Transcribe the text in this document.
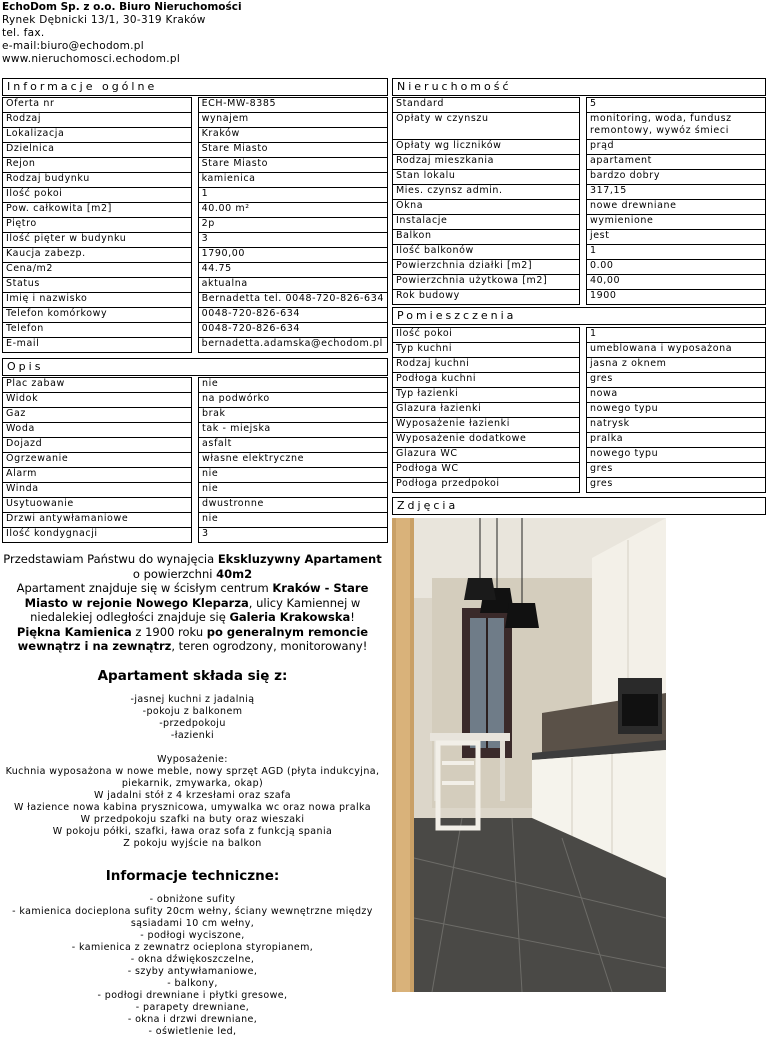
EchoDom Sp. z o.o. Biuro Nieruchomości
Rynek Dębnicki 13/1, 30-319 Kraków
tel. fax.
e-mail:biuro@echodom.pl
www.nieruchomosci.echodom.pl
Informacje ogólne	Nieruchomość
Pomieszczenia
Opis
Zdjęcia
Oferta nr		ECH-MW-8385
Rodzaj		wynajem
Lokalizacja		Kraków
Dzielnica		Stare Miasto
Rejon		Stare Miasto
Rodzaj budynku		kamienica
Ilość pokoi		1
Pow. całkowita [m2]		40.00 m²
Piętro		2p
Ilość pięter w budynku		3
Kaucja zabezp.		1790,00
Cena/m2		44.75
Status		aktualna
Imię i nazwisko		Bernadetta tel. 0048-720-826-634
Telefon komórkowy		0048-720-826-634
Telefon		0048-720-826-634
E-mail		bernadetta.adamska@echodom.pl
Standard		5
Opłaty w czynszu		monitoring, woda, fundusz remontowy, wywóz śmieci
Opłaty wg liczników		prąd
Rodzaj mieszkania		apartament
Stan lokalu		bardzo dobry
Mies. czynsz admin.		317,15
Okna		nowe drewniane
Instalacje		wymienione
Balkon		jest
Ilość balkonów		1
Powierzchnia działki [m2]		0.00
Powierzchnia użytkowa [m2]		40,00
Rok budowy		1900
Ilość pokoi		1
Typ kuchni		umeblowana i wyposażona
Rodzaj kuchni		jasna z oknem
Podłoga kuchni		gres
Typ łazienki		nowa
Glazura łazienki		nowego typu
Wyposażenie łazienki		natrysk
Wyposażenie dodatkowe		pralka
Glazura WC		nowego typu
Podłoga WC		gres
Podłoga przedpokoi		gres
Plac zabaw		nie
Widok		na podwórko
Gaz		brak
Woda		tak - miejska
Dojazd		asfalt
Ogrzewanie		własne elektryczne
Alarm		nie
Winda		nie
Usytuowanie		dwustronne
Drzwi antywłamaniowe		nie
Ilość kondygnacji		3
Przedstawiam Państwu do wynajęcia Ekskluzywny Apartament o powierzchni 40m2
Apartament znajduje się w ścisłym centrum Kraków - Stare Miasto w rejonie Nowego Kleparza, ulicy Kamiennej w niedalekiej odległości znajduje się Galeria Krakowska!
Piękna Kamienica z 1900 roku po generalnym remoncie wewnątrz i na zewnątrz, teren ogrodzony, monitorowany!
Apartament składa się z:
-jasnej kuchni z jadalnią
-pokoju z balkonem
-przedpokoju
-łazienki
Wyposażenie:
Kuchnia wyposażona w nowe meble, nowy sprzęt AGD (płyta indukcyjna, piekarnik, zmywarka, okap)
W jadalni stół z 4 krzesłami oraz szafa
W łazience nowa kabina prysznicowa, umywalka wc oraz nowa pralka
W przedpokoju szafki na buty oraz wieszaki
W pokoju półki, szafki, ława oraz sofa z funkcją spania
Z pokoju wyjście na balkon
Informacje techniczne:
- obniżone sufity
- kamienica docieplona sufity 20cm wełny, ściany wewnętrzne między sąsiadami 10 cm wełny,
- podłogi wyciszone,
- kamienica z zewnatrz ocieplona styropianem,
- okna dźwiękoszczelne,
- szyby antywłamaniowe,
- balkony,
- podłogi drewniane i płytki gresowe,
- parapety drewniane,
- okna i drzwi drewniane,
- oświetlenie led,
